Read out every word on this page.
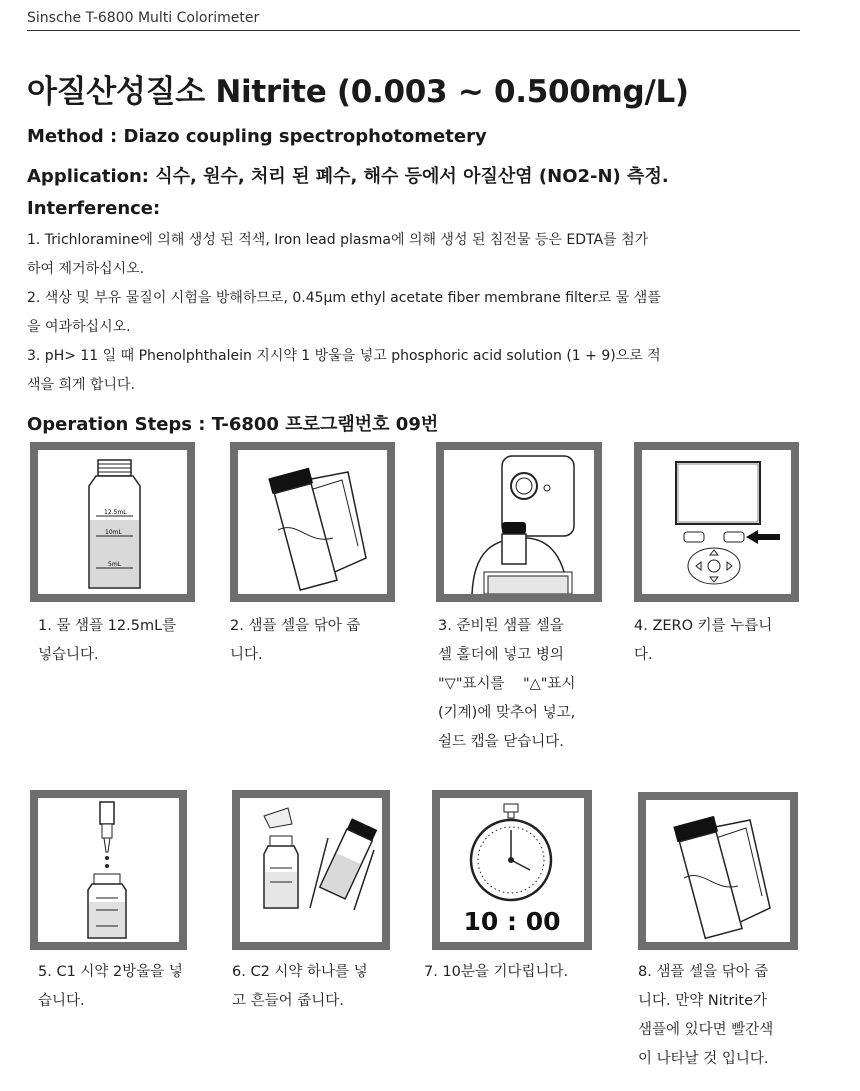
Sinsche T-6800 Multi Colorimeter
아질산성질소 Nitrite (0.003 ~ 0.500mg/L)
Method : Diazo coupling spectrophotometery
Application: 식수, 원수, 처리 된 폐수, 해수 등에서 아질산염 (NO2-N) 측정.
Interference:

1. Trichloramine에 의해 생성 된 적색, Iron lead plasma에 의해 생성 된 침전물 등은 EDTA를 첨가

하여 제거하십시오.

2. 색상 및 부유 물질이 시험을 방해하므로, 0.45μm ethyl acetate fiber membrane filter로 물 샘플

을 여과하십시오.

3. pH> 11 일 때 Phenolphthalein 지시약 1 방울을 넣고 phosphoric acid solution (1 + 9)으로 적

색을 희게 합니다.

Operation Steps : T-6800 프로그램번호 09번
12.5mL
10mL
5mL

1. 물 샘플 12.5mL를

넣습니다.

2. 샘플 셀을 닦아 줍

니다.

3. 준비된 샘플 셀을

셀 홀더에 넣고 병의

"▽"표시를    "△"표시

(기계)에 맞추어 넣고,

쉴드 캡을 닫습니다.

4. ZERO 키를 누릅니

다.

10 : 00

5. C1 시약 2방울을 넣

습니다.

6. C2 시약 하나를 넣

고 흔들어 줍니다.

7. 10분을 기다립니다.	8. 샘플 셀을 닦아 줍

니다. 만약 Nitrite가

샘플에 있다면 빨간색

이 나타날 것 입니다.
